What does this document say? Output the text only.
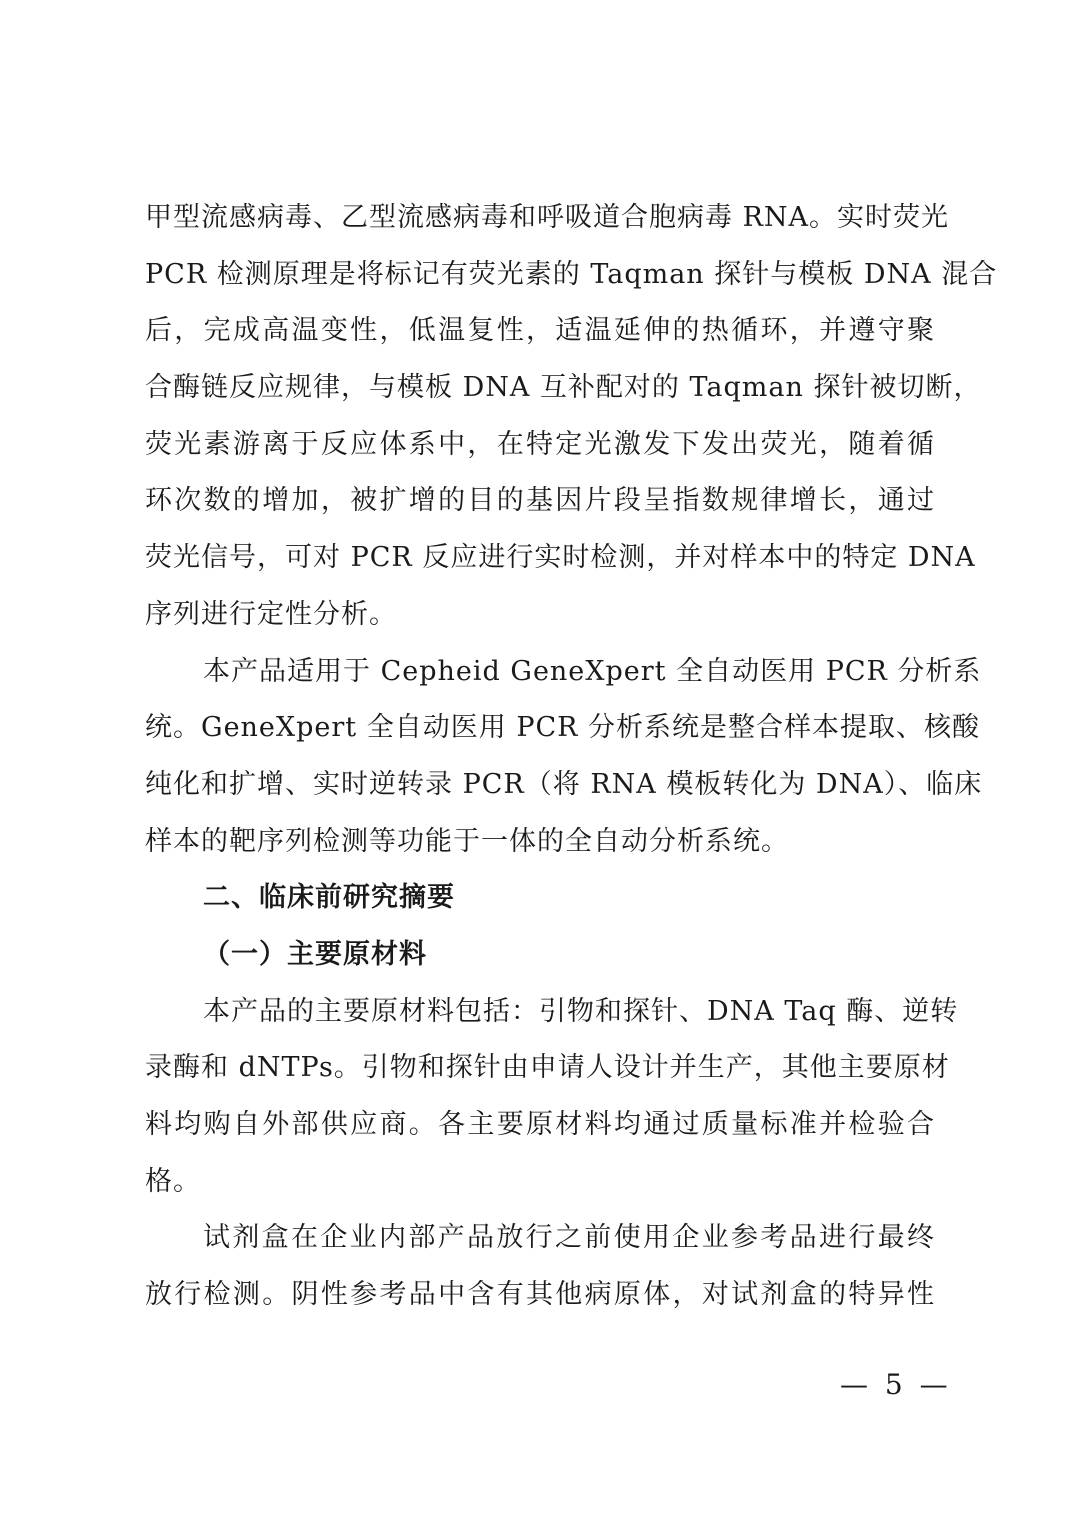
甲型流感病毒、乙型流感病毒和呼吸道合胞病毒 RNA。实时荧光
PCR 检测原理是将标记有荧光素的 Taqman 探针与模板 DNA 混合
后，完成高温变性，低温复性，适温延伸的热循环，并遵守聚
合酶链反应规律，与模板 DNA 互补配对的 Taqman 探针被切断，
荧光素游离于反应体系中，在特定光激发下发出荧光，随着循
环次数的增加，被扩增的目的基因片段呈指数规律增长，通过
荧光信号，可对 PCR 反应进行实时检测，并对样本中的特定 DNA
序列进行定性分析。
本产品适用于 Cepheid GeneXpert 全自动医用 PCR 分析系
统。GeneXpert 全自动医用 PCR 分析系统是整合样本提取、核酸
纯化和扩增、实时逆转录 PCR（将 RNA 模板转化为 DNA）、临床
样本的靶序列检测等功能于一体的全自动分析系统。
二、临床前研究摘要
（一）主要原材料
本产品的主要原材料包括：引物和探针、DNA Taq 酶、逆转
录酶和 dNTPs。引物和探针由申请人设计并生产，其他主要原材
料均购自外部供应商。各主要原材料均通过质量标准并检验合
格。
试剂盒在企业内部产品放行之前使用企业参考品进行最终
放行检测。阴性参考品中含有其他病原体，对试剂盒的特异性
— 5 —
